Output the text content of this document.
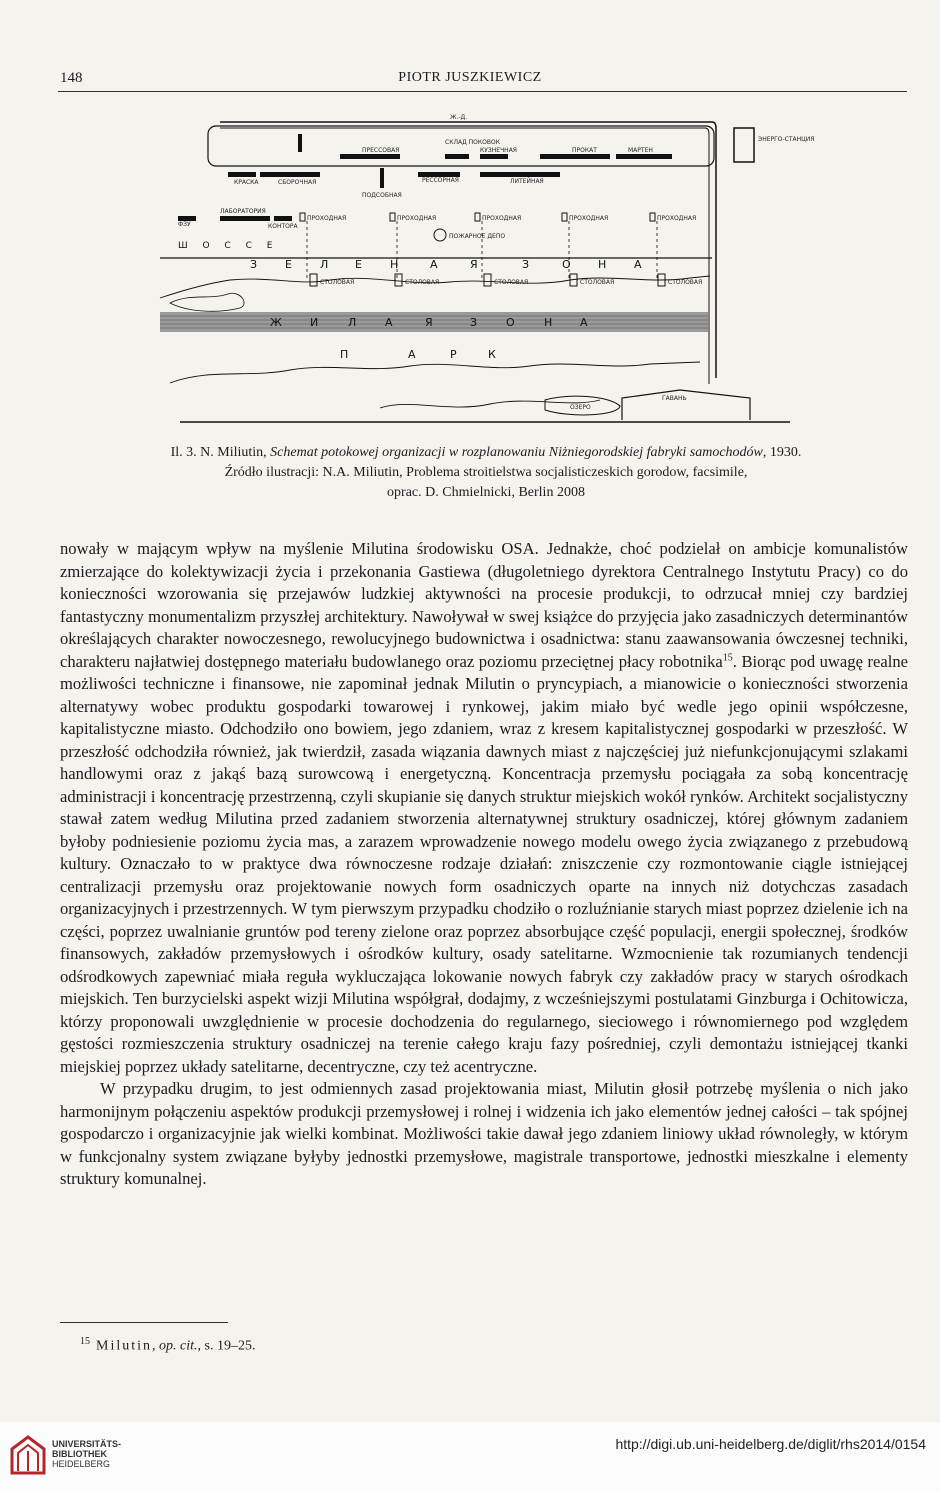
148	PIOTR JUSZKIEWICZ
Ж.-Д.
ЭНЕРГО-СТАНЦИЯ
ПРЕССОВАЯ
СКЛАД ПОКОВОК
КУЗНЕЧНАЯ	ПРОКАТ	МАРТЕН
КРАСКА	СБОРОЧНАЯ
ПОДСОБНАЯ
РЕССОРНАЯ	ЛИТЕЙНАЯ
ФЗУ
ЛАБОРАТОРИЯ
КОНТОРА
ПРОХОДНАЯ	ПРОХОДНАЯ	ПРОХОДНАЯ	ПРОХОДНАЯ	ПРОХОДНАЯ
ПОЖАРНОЕ ДЕПО
Ш О С С Е
З	Е	Л Е	Н	А	Я	З	О Н	А
СТОЛОВАЯ	СТОЛОВАЯ	СТОЛОВАЯ	СТОЛОВАЯ	СТОЛОВАЯ
Ж	И	Л	А	Я	З	О	Н	А
П	А	Р	К
ОЗЕРО
ГАВАНЬ

Il. 3. N. Miliutin, Schemat potokowej organizacji w rozplanowaniu Niżniegorodskiej fabryki samochodów, 1930.

Źródło ilustracji: N.A. Miliutin, Problema stroitielstwa socjalisticzeskich gorodow, facsimile,

oprac. D. Chmielnicki, Berlin 2008

nowały w mającym wpływ na myślenie Milutina środowisku OSA. Jednakże, choć podzielał on ambicje komunalistów zmierzające do kolektywizacji życia i przekonania Gastiewa (długoletniego dyrektora Centralnego Instytutu Pracy) co do konieczności wzorowania się przejawów ludzkiej aktywności na procesie produkcji, to odrzucał mniej czy bardziej fantastyczny monumentalizm przyszłej architektury. Nawoływał w swej książce do przyjęcia jako zasadniczych determinantów określających charakter nowoczesnego, rewolucyjnego budownictwa i osadnictwa: stanu zaawansowania ówczesnej techniki, charakteru najłatwiej dostępnego materiału budowlanego oraz poziomu przeciętnej płacy robotnika$^{15}$. Biorąc pod uwagę realne możliwości techniczne i finansowe, nie zapominał jednak Milutin o pryncypiach, a mianowicie o konieczności stworzenia alternatywy wobec produktu gospodarki towarowej i rynkowej, jakim miało być wedle jego opinii współczesne, kapitalistyczne miasto. Odchodziło ono bowiem, jego zdaniem, wraz z kresem kapitalistycznej gospodarki w przeszłość. W przeszłość odchodziła również, jak twierdził, zasada wiązania dawnych miast z najczęściej już niefunkcjonującymi szlakami handlowymi oraz z jakąś bazą surowcową i energetyczną. Koncentracja przemysłu pociągała za sobą koncentrację administracji i koncentrację przestrzenną, czyli skupianie się danych struktur miejskich wokół rynków. Architekt socjalistyczny stawał zatem według Milutina przed zadaniem stworzenia alternatywnej struktury osadniczej, której głównym zadaniem byłoby podniesienie poziomu życia mas, a zarazem wprowadzenie nowego modelu owego życia związanego z przebudową kultury. Oznaczało to w praktyce dwa równoczesne rodzaje działań: zniszczenie czy rozmontowanie ciągle istniejącej centralizacji przemysłu oraz projektowanie nowych form osadniczych oparte na innych niż dotychczas zasadach organizacyjnych i przestrzennych. W tym pierwszym przypadku chodziło o rozluźnianie starych miast poprzez dzielenie ich na części, poprzez uwalnianie gruntów pod tereny zielone oraz poprzez absorbujące część populacji, energii społecznej, środków finansowych, zakładów przemysłowych i ośrodków kultury, osady satelitarne. Wzmocnienie tak rozumianych tendencji odśrodkowych zapewniać miała reguła wykluczająca lokowanie nowych fabryk czy zakładów pracy w starych ośrodkach miejskich. Ten burzycielski aspekt wizji Milutina współgrał, dodajmy, z wcześniejszymi postulatami Ginzburga i Ochitowicza, którzy proponowali uwzględnienie w procesie dochodzenia do regularnego, sieciowego i równomiernego pod względem gęstości rozmieszczenia struktury osadniczej na terenie całego kraju fazy pośredniej, czyli demontażu istniejącej tkanki miejskiej poprzez układy satelitarne, decentryczne, czy też acentryczne.

W przypadku drugim, to jest odmiennych zasad projektowania miast, Milutin głosił potrzebę myślenia o nich jako harmonijnym połączeniu aspektów produkcji przemysłowej i rolnej i widzenia ich jako elementów jednej całości – tak spójnej gospodarczo i organizacyjnie jak wielki kombinat. Możliwości takie dawał jego zdaniem liniowy układ równoległy, w którym w funkcjonalny system związane byłyby jednostki przemysłowe, magistrale transportowe, jednostki mieszkalne i elementy struktury komunalnej.

$^{15}$ Milutin, op. cit., s. 19–25.
UNIVERSITÄTS-
BIBLIOTHEK
HEIDELBERG
http://digi.ub.uni-heidelberg.de/diglit/rhs2014/0154
